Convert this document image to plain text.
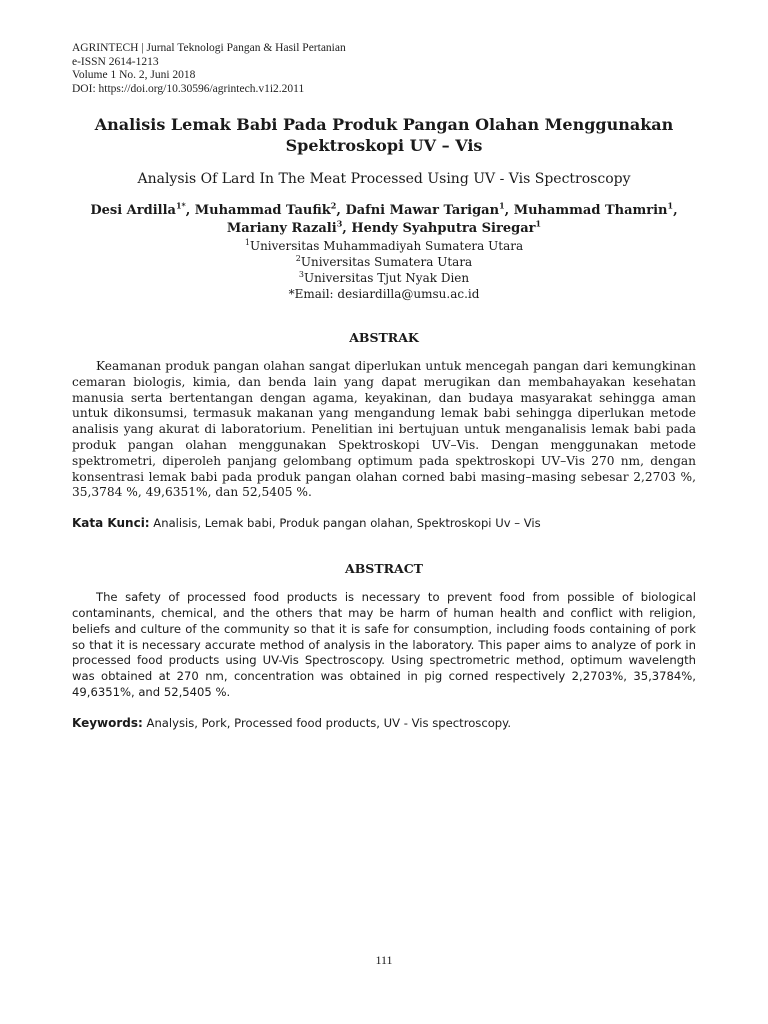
AGRINTECH | Jurnal Teknologi Pangan & Hasil Pertanian
e-ISSN 2614-1213
Volume 1 No. 2, Juni 2018
DOI: https://doi.org/10.30596/agrintech.v1i2.2011
Analisis Lemak Babi Pada Produk Pangan Olahan Menggunakan
Spektroskopi UV – Vis
Analysis Of Lard In The Meat Processed Using UV - Vis Spectroscopy
Desi Ardilla$^{1*}$, Muhammad Taufik$^2$, Dafni Mawar Tarigan$^1$, Muhammad Thamrin$^1$,
Mariany Razali$^3$, Hendy Syahputra Siregar$^1$
$^1$Universitas Muhammadiyah Sumatera Utara
$^2$Universitas Sumatera Utara
$^3$Universitas Tjut Nyak Dien
*Email: desiardilla@umsu.ac.id
ABSTRAK

Keamanan produk pangan olahan sangat diperlukan untuk mencegah pangan dari kemungkinan cemaran biologis, kimia, dan benda lain yang dapat merugikan dan membahayakan kesehatan manusia serta bertentangan dengan agama, keyakinan, dan budaya masyarakat sehingga aman untuk dikonsumsi, termasuk makanan yang mengandung lemak babi sehingga diperlukan metode analisis yang akurat di laboratorium. Penelitian ini bertujuan untuk menganalisis lemak babi pada produk pangan olahan menggunakan Spektroskopi UV–Vis. Dengan menggunakan metode spektrometri, diperoleh panjang gelombang optimum pada spektroskopi UV–Vis 270 nm, dengan konsentrasi lemak babi pada produk pangan olahan corned babi masing–masing sebesar 2,2703 %, 35,3784 %, 49,6351%, dan 52,5405 %.

Kata Kunci: Analisis, Lemak babi, Produk pangan olahan, Spektroskopi Uv – Vis
ABSTRACT

The safety of processed food products is necessary to prevent food from possible of biological contaminants, chemical, and the others that may be harm of human health and conflict with religion, beliefs and culture of the community so that it is safe for consumption, including foods containing of pork so that it is necessary accurate method of analysis in the laboratory. This paper aims to analyze of pork in processed food products using UV-Vis Spectroscopy. Using spectrometric method, optimum wavelength was obtained at 270 nm, concentration was obtained in pig corned respectively 2,2703%, 35,3784%, 49,6351%, and 52,5405 %.

Keywords: Analysis, Pork, Processed food products, UV - Vis spectroscopy.
111
